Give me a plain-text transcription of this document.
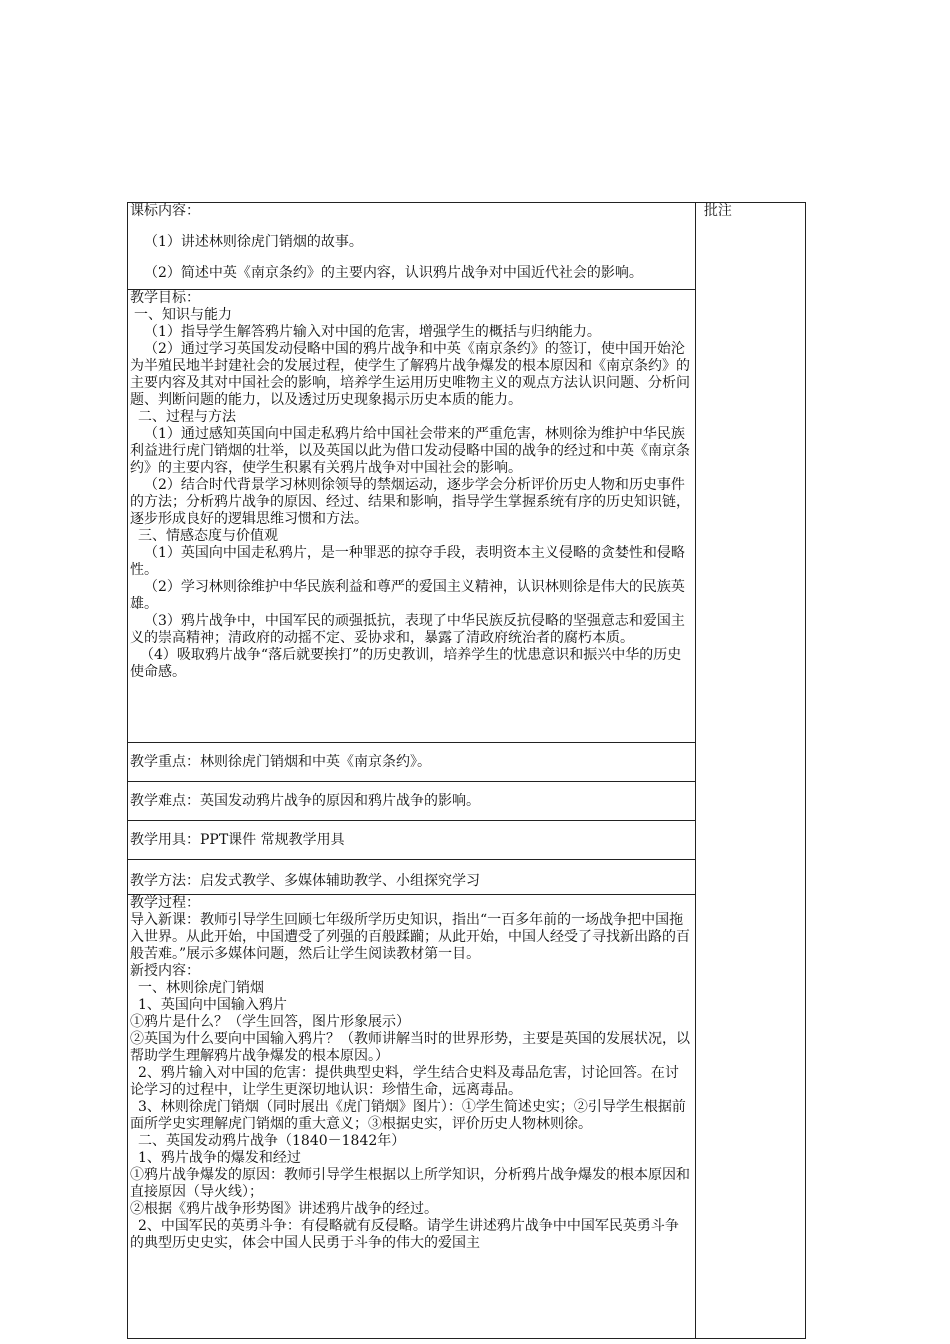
课标内容：

（1）讲述林则徐虎门销烟的故事。

（2）简述中英《南京条约》的主要内容，认识鸦片战争对中国近代社会的影响。

	批注

教学目标：

一、知识与能力

（1）指导学生解答鸦片输入对中国的危害，增强学生的概括与归纳能力。

（2）通过学习英国发动侵略中国的鸦片战争和中英《南京条约》的签订，使中国开始沦为半殖民地半封建社会的发展过程，使学生了解鸦片战争爆发的根本原因和《南京条约》的主要内容及其对中国社会的影响，培养学生运用历史唯物主义的观点方法认识问题、分析问题、判断问题的能力，以及透过历史现象揭示历史本质的能力。

二、过程与方法

（1）通过感知英国向中国走私鸦片给中国社会带来的严重危害，林则徐为维护中华民族利益进行虎门销烟的壮举，以及英国以此为借口发动侵略中国的战争的经过和中英《南京条约》的主要内容，使学生积累有关鸦片战争对中国社会的影响。

（2）结合时代背景学习林则徐领导的禁烟运动，逐步学会分析评价历史人物和历史事件的方法；分析鸦片战争的原因、经过、结果和影响，指导学生掌握系统有序的历史知识链，逐步形成良好的逻辑思维习惯和方法。

三、情感态度与价值观

（1）英国向中国走私鸦片，是一种罪恶的掠夺手段，表明资本主义侵略的贪婪性和侵略性。

（2）学习林则徐维护中华民族利益和尊严的爱国主义精神，认识林则徐是伟大的民族英雄。

（3）鸦片战争中，中国军民的顽强抵抗，表现了中华民族反抗侵略的坚强意志和爱国主义的崇高精神；清政府的动摇不定、妥协求和，暴露了清政府统治者的腐朽本质。

（4）吸取鸦片战争“落后就要挨打”的历史教训，培养学生的忧患意识和振兴中华的历史使命感。

教学重点：林则徐虎门销烟和中英《南京条约》。
教学难点：英国发动鸦片战争的原因和鸦片战争的影响。
教学用具：PPT课件 常规教学用具
教学方法：启发式教学、多媒体辅助教学、小组探究学习

教学过程：

导入新课：教师引导学生回顾七年级所学历史知识，指出“一百多年前的一场战争把中国拖入世界。从此开始，中国遭受了列强的百般蹂躏；从此开始，中国人经受了寻找新出路的百般苦难。”展示多媒体问题，然后让学生阅读教材第一目。

新授内容：

一、林则徐虎门销烟

1、英国向中国输入鸦片

①鸦片是什么？（学生回答，图片形象展示）

②英国为什么要向中国输入鸦片？（教师讲解当时的世界形势，主要是英国的发展状况，以帮助学生理解鸦片战争爆发的根本原因。）

2、鸦片输入对中国的危害：提供典型史料，学生结合史料及毒品危害，讨论回答。在讨论学习的过程中，让学生更深切地认识：珍惜生命，远离毒品。

3、林则徐虎门销烟（同时展出《虎门销烟》图片）：①学生简述史实；②引导学生根据前面所学史实理解虎门销烟的重大意义；③根据史实，评价历史人物林则徐。

二、英国发动鸦片战争（1840－1842年）

1、鸦片战争的爆发和经过

①鸦片战争爆发的原因：教师引导学生根据以上所学知识，分析鸦片战争爆发的根本原因和直接原因（导火线）；

②根据《鸦片战争形势图》讲述鸦片战争的经过。

2、中国军民的英勇斗争：有侵略就有反侵略。请学生讲述鸦片战争中中国军民英勇斗争的典型历史史实，体会中国人民勇于斗争的伟大的爱国主
